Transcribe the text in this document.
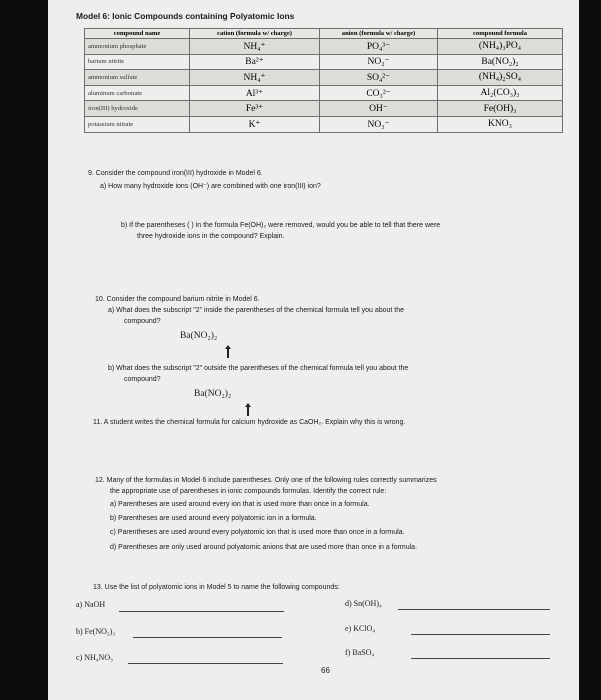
Model 6: Ionic Compounds containing Polyatomic Ions
compound name	cation (formula w/ charge)	anion (formula w/ charge)	compound formula
ammonium phosphate	NH₄⁺	PO₄³⁻	(NH₄)₃PO₄
barium nitrite	Ba²⁺	NO₂⁻	Ba(NO₂)₂
ammonium sulfate	NH₄⁺	SO₄²⁻	(NH₄)₂SO₄
aluminum carbonate	Al³⁺	CO₃²⁻	Al₂(CO₃)₃
iron(III) hydroxide	Fe³⁺	OH⁻	Fe(OH)₃
potassium nitrate	K⁺	NO₃⁻	KNO₃
9. Consider the compound iron(III) hydroxide in Model 6.
a) How many hydroxide ions (OH⁻) are combined with one iron(III) ion?
b) If the parentheses ( ) in the formula Fe(OH)₃ were removed, would you be able to tell that there were
three hydroxide ions in the compound? Explain.
10. Consider the compound barium nitrite in Model 6.
a) What does the subscript "2" inside the parentheses of the chemical formula tell you about the
compound?
Ba(NO₂)₂
b) What does the subscript "2" outside the parentheses of the chemical formula tell you about the
compound?
Ba(NO₂)₂
11. A student writes the chemical formula for calcium hydroxide as CaOH₂. Explain why this is wrong.
12. Many of the formulas in Model 6 include parentheses. Only one of the following rules correctly summarizes
the appropriate use of parentheses in ionic compounds formulas. Identify the correct rule:
a) Parentheses are used around every ion that is used more than once in a formula.
b) Parentheses are used around every polyatomic ion in a formula.
c) Parentheses are used around every polyatomic ion that is used more than once in a formula.
d) Parentheses are only used around polyatomic anions that are used more than once in a formula.
13. Use the list of polyatomic ions in Model 5 to name the following compounds:
a) NaOH	d) Sn(OH)₄
b) Fe(NO₃)₃	e) KClO₄
c) NH₄NO₃
f) BaSO₄
66
